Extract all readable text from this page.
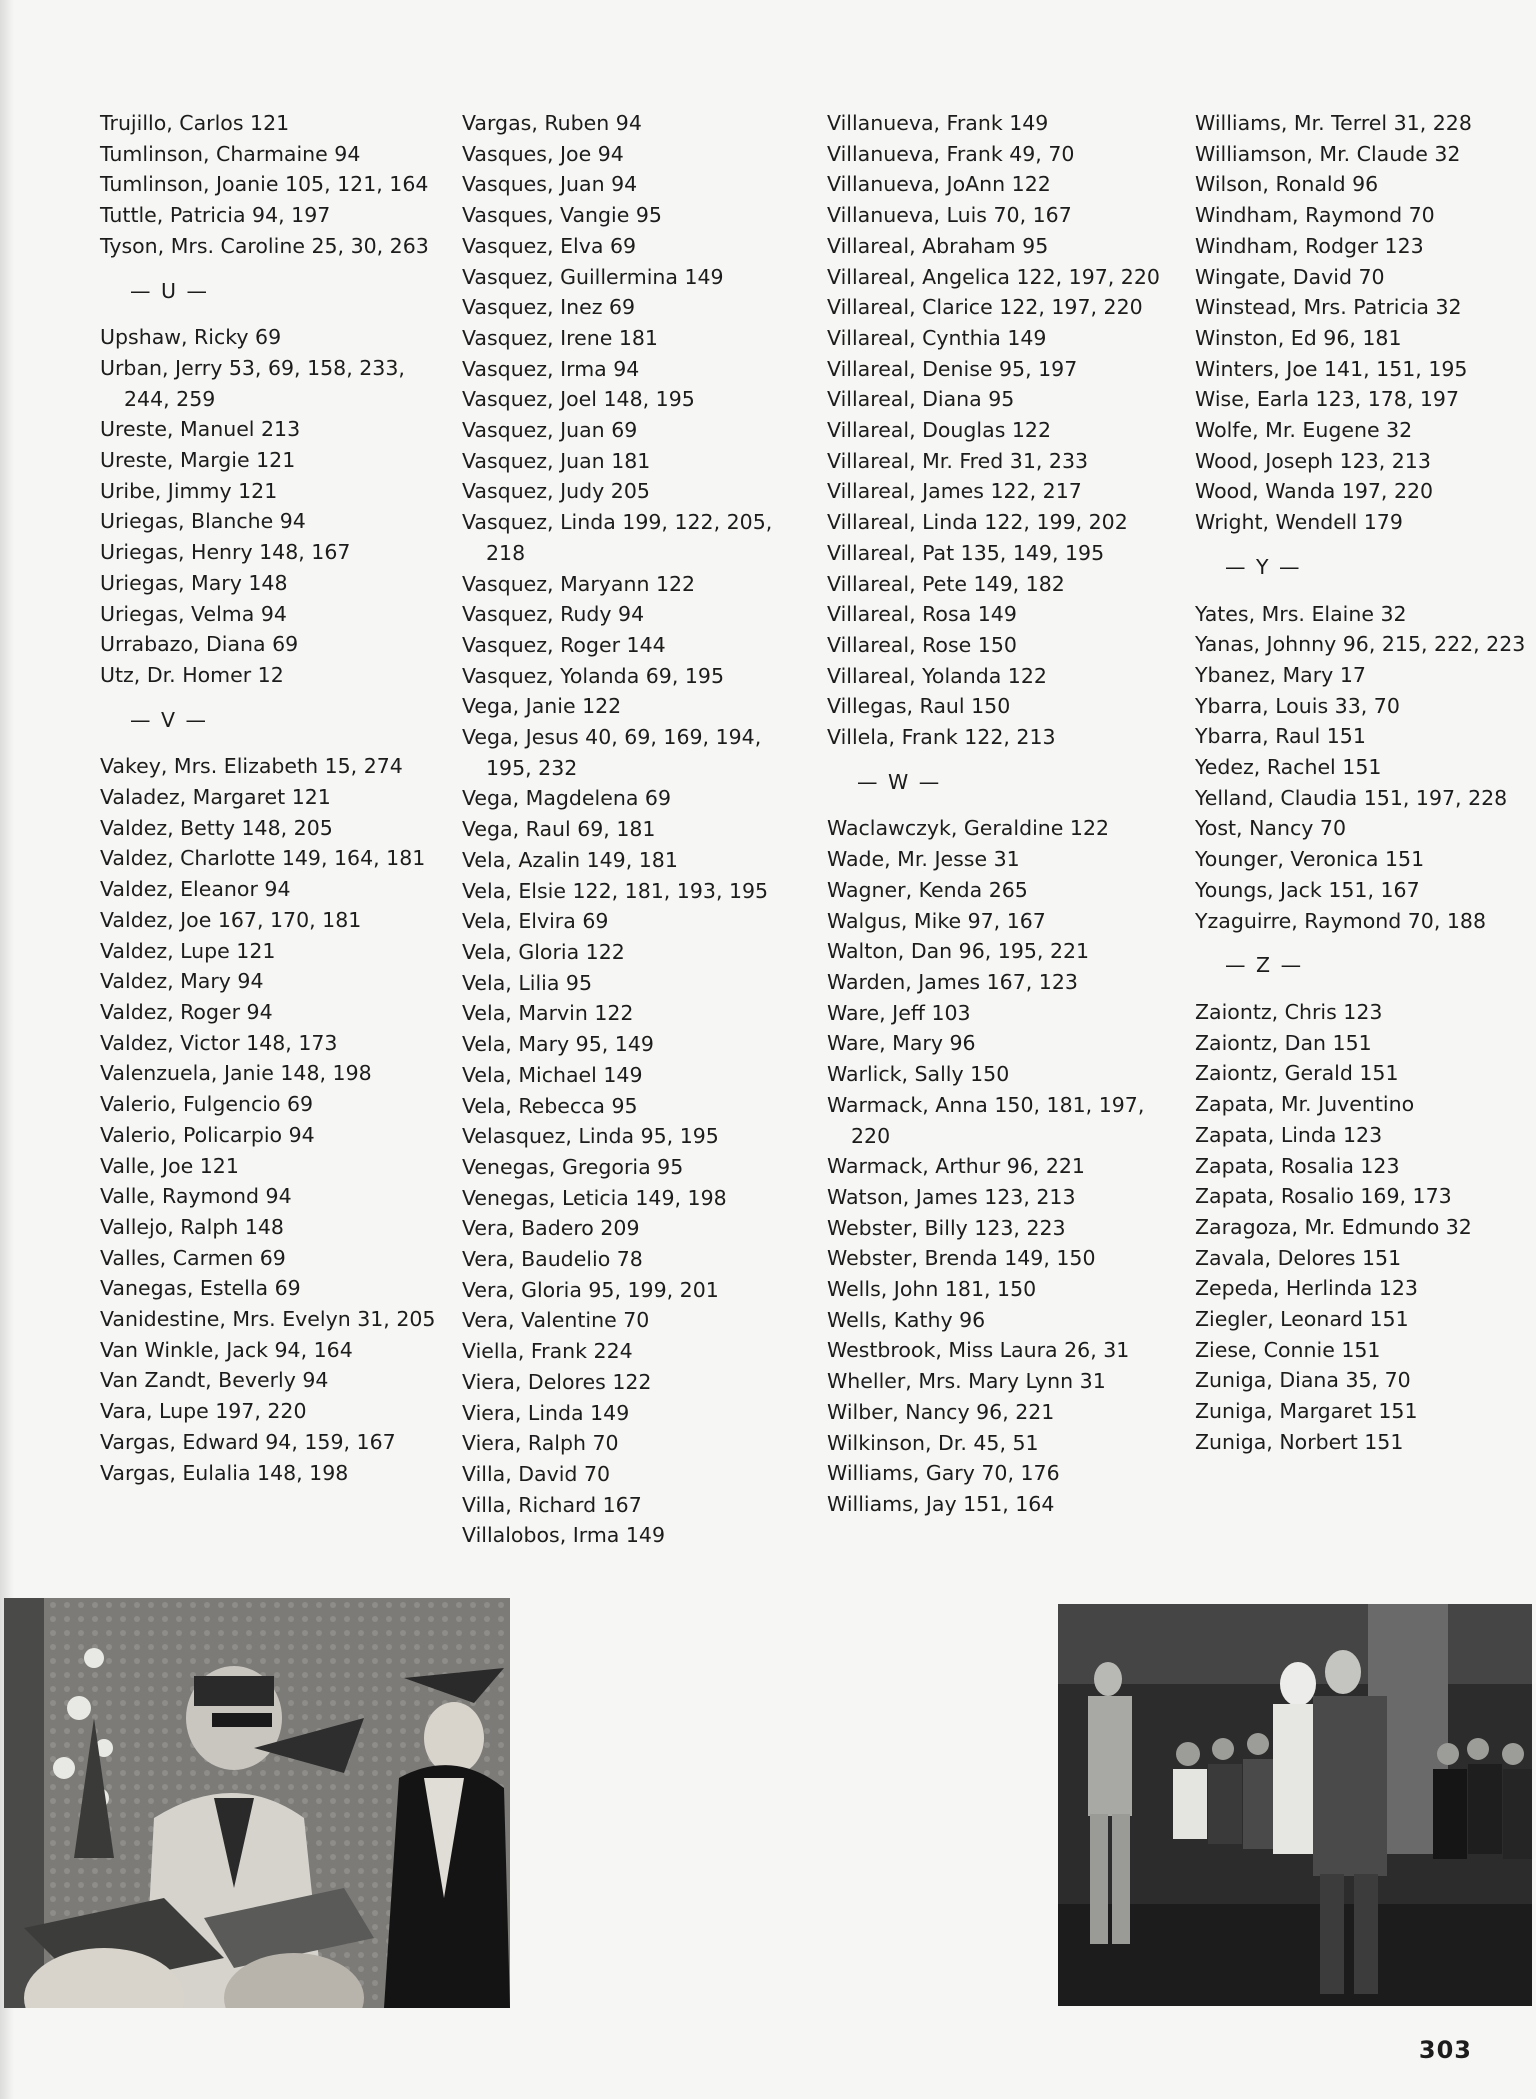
Trujillo, Carlos 121
Tumlinson, Charmaine 94
Tumlinson, Joanie 105, 121, 164
Tuttle, Patricia 94, 197
Tyson, Mrs. Caroline 25, 30, 263
— U —
Upshaw, Ricky 69
Urban, Jerry 53, 69, 158, 233,
244, 259
Ureste, Manuel 213
Ureste, Margie 121
Uribe, Jimmy 121
Uriegas, Blanche 94
Uriegas, Henry 148, 167
Uriegas, Mary 148
Uriegas, Velma 94
Urrabazo, Diana 69
Utz, Dr. Homer 12
— V —
Vakey, Mrs. Elizabeth 15, 274
Valadez, Margaret 121
Valdez, Betty 148, 205
Valdez, Charlotte 149, 164, 181
Valdez, Eleanor 94
Valdez, Joe 167, 170, 181
Valdez, Lupe 121
Valdez, Mary 94
Valdez, Roger 94
Valdez, Victor 148, 173
Valenzuela, Janie 148, 198
Valerio, Fulgencio 69
Valerio, Policarpio 94
Valle, Joe 121
Valle, Raymond 94
Vallejo, Ralph 148
Valles, Carmen 69
Vanegas, Estella 69
Vanidestine, Mrs. Evelyn 31, 205
Van Winkle, Jack 94, 164
Van Zandt, Beverly 94
Vara, Lupe 197, 220
Vargas, Edward 94, 159, 167
Vargas, Eulalia 148, 198
Vargas, Ruben 94
Vasques, Joe 94
Vasques, Juan 94
Vasques, Vangie 95
Vasquez, Elva 69
Vasquez, Guillermina 149
Vasquez, Inez 69
Vasquez, Irene 181
Vasquez, Irma 94
Vasquez, Joel 148, 195
Vasquez, Juan 69
Vasquez, Juan 181
Vasquez, Judy 205
Vasquez, Linda 199, 122, 205,
218
Vasquez, Maryann 122
Vasquez, Rudy 94
Vasquez, Roger 144
Vasquez, Yolanda 69, 195
Vega, Janie 122
Vega, Jesus 40, 69, 169, 194,
195, 232
Vega, Magdelena 69
Vega, Raul 69, 181
Vela, Azalin 149, 181
Vela, Elsie 122, 181, 193, 195
Vela, Elvira 69
Vela, Gloria 122
Vela, Lilia 95
Vela, Marvin 122
Vela, Mary 95, 149
Vela, Michael 149
Vela, Rebecca 95
Velasquez, Linda 95, 195
Venegas, Gregoria 95
Venegas, Leticia 149, 198
Vera, Badero 209
Vera, Baudelio 78
Vera, Gloria 95, 199, 201
Vera, Valentine 70
Viella, Frank 224
Viera, Delores 122
Viera, Linda 149
Viera, Ralph 70
Villa, David 70
Villa, Richard 167
Villalobos, Irma 149
Villanueva, Frank 149
Villanueva, Frank 49, 70
Villanueva, JoAnn 122
Villanueva, Luis 70, 167
Villareal, Abraham 95
Villareal, Angelica 122, 197, 220
Villareal, Clarice 122, 197, 220
Villareal, Cynthia 149
Villareal, Denise 95, 197
Villareal, Diana 95
Villareal, Douglas 122
Villareal, Mr. Fred 31, 233
Villareal, James 122, 217
Villareal, Linda 122, 199, 202
Villareal, Pat 135, 149, 195
Villareal, Pete 149, 182
Villareal, Rosa 149
Villareal, Rose 150
Villareal, Yolanda 122
Villegas, Raul 150
Villela, Frank 122, 213
— W —
Waclawczyk, Geraldine 122
Wade, Mr. Jesse 31
Wagner, Kenda 265
Walgus, Mike 97, 167
Walton, Dan 96, 195, 221
Warden, James 167, 123
Ware, Jeff 103
Ware, Mary 96
Warlick, Sally 150
Warmack, Anna 150, 181, 197,
220
Warmack, Arthur 96, 221
Watson, James 123, 213
Webster, Billy 123, 223
Webster, Brenda 149, 150
Wells, John 181, 150
Wells, Kathy 96
Westbrook, Miss Laura 26, 31
Wheller, Mrs. Mary Lynn 31
Wilber, Nancy 96, 221
Wilkinson, Dr. 45, 51
Williams, Gary 70, 176
Williams, Jay 151, 164
Williams, Mr. Terrel 31, 228
Williamson, Mr. Claude 32
Wilson, Ronald 96
Windham, Raymond 70
Windham, Rodger 123
Wingate, David 70
Winstead, Mrs. Patricia 32
Winston, Ed 96, 181
Winters, Joe 141, 151, 195
Wise, Earla 123, 178, 197
Wolfe, Mr. Eugene 32
Wood, Joseph 123, 213
Wood, Wanda 197, 220
Wright, Wendell 179
— Y —
Yates, Mrs. Elaine 32
Yanas, Johnny 96, 215, 222, 223
Ybanez, Mary 17
Ybarra, Louis 33, 70
Ybarra, Raul 151
Yedez, Rachel 151
Yelland, Claudia 151, 197, 228
Yost, Nancy 70
Younger, Veronica 151
Youngs, Jack 151, 167
Yzaguirre, Raymond 70, 188
— Z —
Zaiontz, Chris 123
Zaiontz, Dan 151
Zaiontz, Gerald 151
Zapata, Mr. Juventino
Zapata, Linda 123
Zapata, Rosalia 123
Zapata, Rosalio 169, 173
Zaragoza, Mr. Edmundo 32
Zavala, Delores 151
Zepeda, Herlinda 123
Ziegler, Leonard 151
Ziese, Connie 151
Zuniga, Diana 35, 70
Zuniga, Margaret 151
Zuniga, Norbert 151
303
